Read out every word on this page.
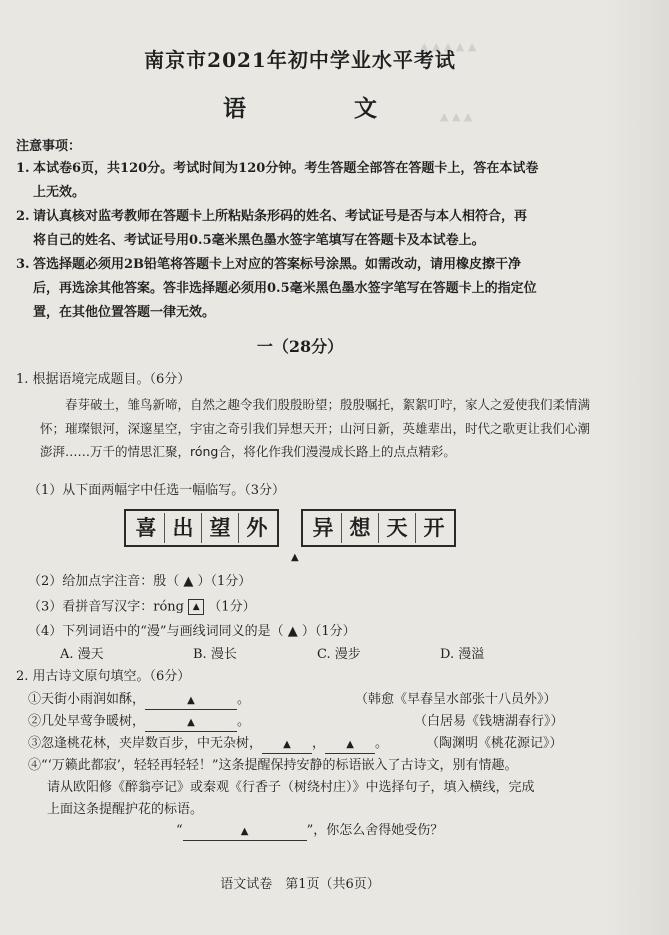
▲ ▲ ▲ ▲ ▲
▲ ▲ ▲
南京市2021年初中学业水平考试
语 文
注意事项：
1. 本试卷6页，共120分。考试时间为120分钟。考生答题全部答在答题卡上，答在本试卷
上无效。
2. 请认真核对监考教师在答题卡上所粘贴条形码的姓名、考试证号是否与本人相符合，再
将自己的姓名、考试证号用0.5毫米黑色墨水签字笔填写在答题卡及本试卷上。
3. 答选择题必须用2B铅笔将答题卡上对应的答案标号涂黑。如需改动，请用橡皮擦干净
后，再选涂其他答案。答非选择题必须用0.5毫米黑色墨水签字笔写在答题卡上的指定位
置，在其他位置答题一律无效。
一（28分）
1. 根据语境完成题目。（6分）
春芽破土，雏鸟新啼，自然之趣令我们殷殷盼望；殷殷嘱托，絮絮叮咛，家人之爱使我们柔情满怀；璀璨银河，深邃星空，宇宙之奇引我们异想天开；山河日新，英雄辈出，时代之歌更让我们心潮澎湃……万千的情思汇聚，róng合，将化作我们漫漫成长路上的点点精彩。
（1）从下面两幅字中任选一幅临写。（3分）
喜 出 望 外	异 想 天 开
▲
（2）给加点字注音：殷（ ▲ ）（1分）
（3）看拼音写汉字：róng ▲ （1分）
（4）下列词语中的“漫”与画线词同义的是（ ▲ ）（1分）
A. 漫天	B. 漫长	C. 漫步	D. 漫溢
2. 用古诗文原句填空。（6分）
①天街小雨润如酥，	▲	。	（韩愈《早春呈水部张十八员外》）
②几处早莺争暖树，	▲	。	（白居易《钱塘湖春行》）
③忽逢桃花林，夹岸数百步，中无杂树， ▲ ， ▲ 。	（陶渊明《桃花源记》）
④“‘万籁此都寂’，轻轻再轻轻！”这条提醒保持安静的标语嵌入了古诗文，别有情趣。
请从欧阳修《醉翁亭记》或秦观《行香子（树绕村庄）》中选择句子，填入横线，完成
上面这条提醒护花的标语。
“	▲	”，你怎么舍得她受伤？
语文试卷　第1页（共6页）
